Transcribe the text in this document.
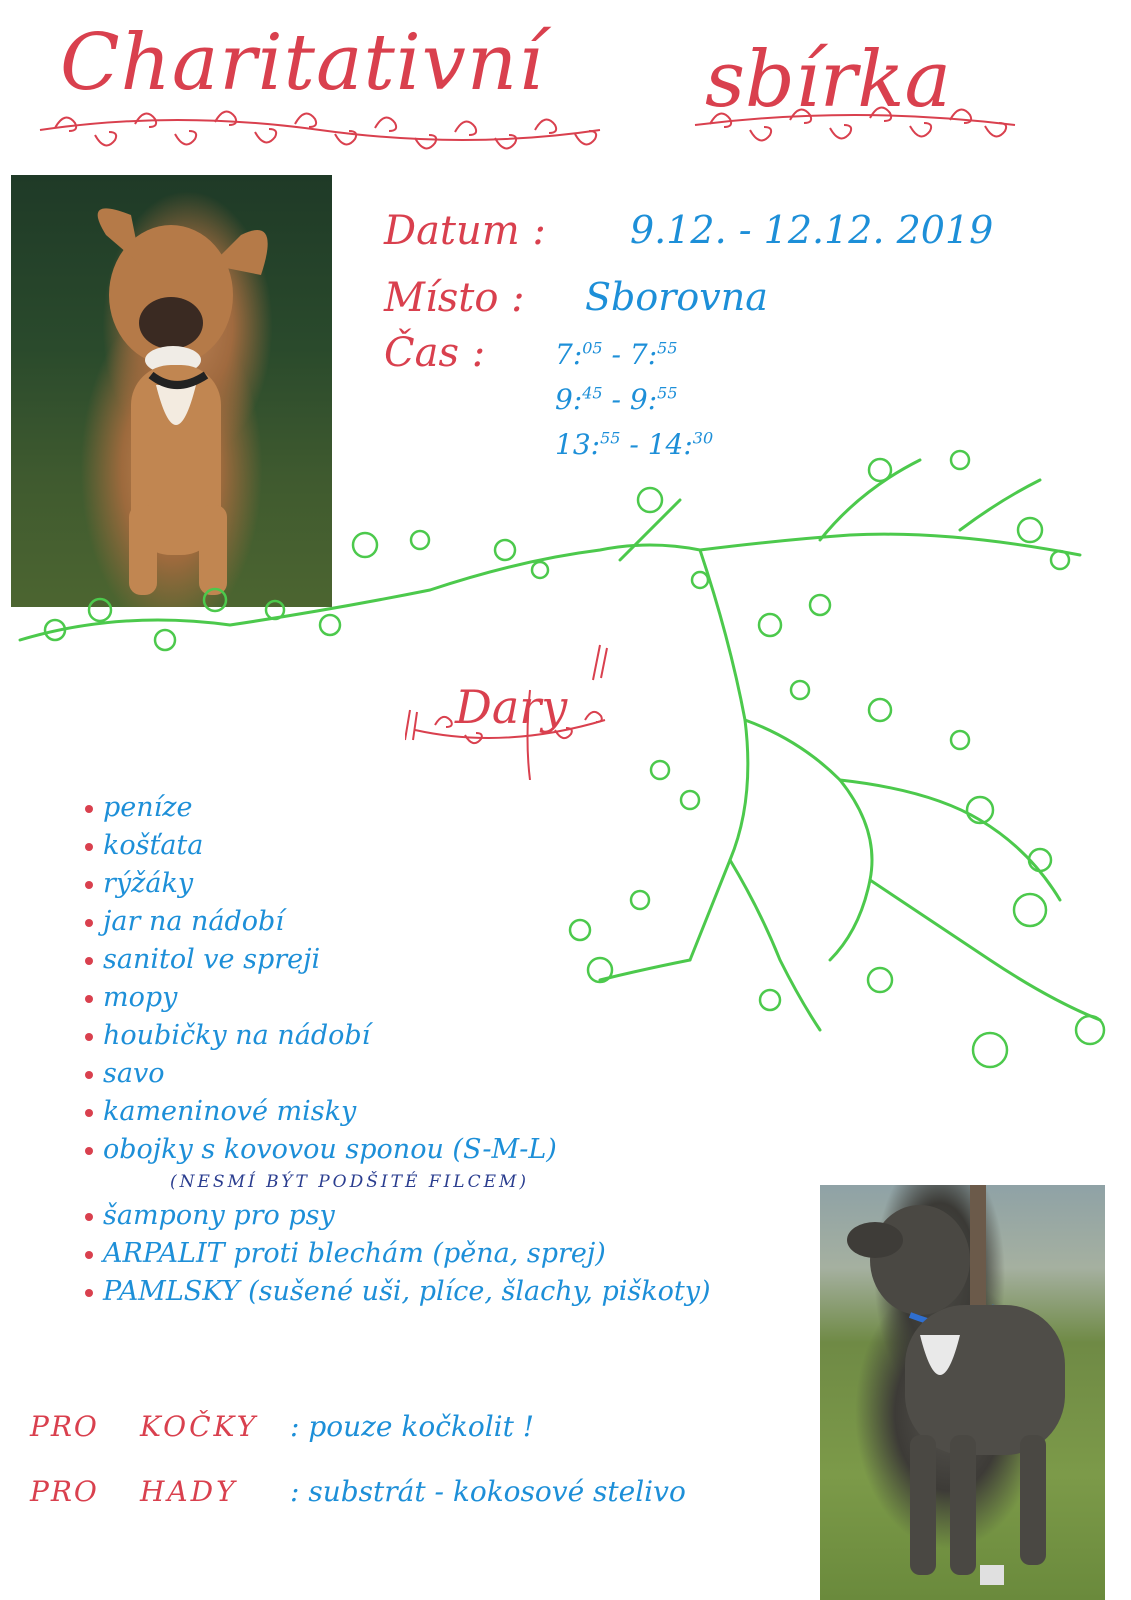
Charitativní sbírka
Datum : 9.12. - 12.12. 2019
Místo : Sborovna
Čas : 7:$^{05}$ - 7:$^{55}$
9:$^{45}$ - 9:$^{55}$
13:$^{55}$ - 14:$^{30}$
Dary
peníze
košťata
rýžáky
jar na nádobí
sanitol ve spreji
mopy
houbičky na nádobí
savo
kameninové misky
obojky s kovovou sponou (S-M-L)
(NESMÍ BÝT PODŠITÉ FILCEM)
šampony pro psy
ARPALIT proti blechám (pěna, sprej)
PAMLSKY (sušené uši, plíce, šlachy, piškoty)
PRO KOČKY : pouze kočkolit !
PRO HADY : substrát - kokosové stelivo
